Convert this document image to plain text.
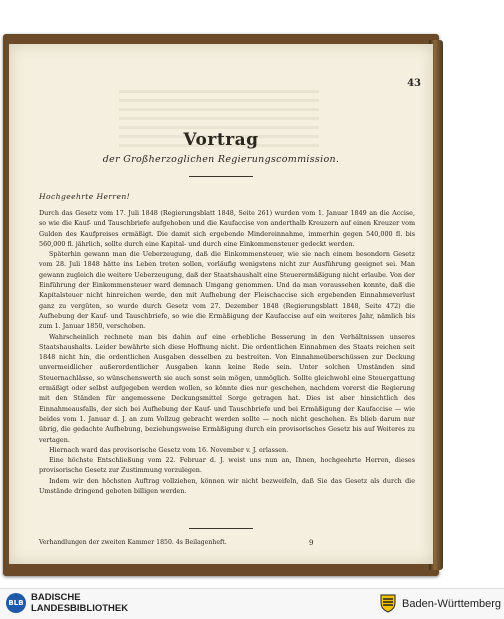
43
Vortrag
der Großherzoglichen Regierungscommission.
Hochgeehrte Herren!

Durch das Gesetz vom 17. Juli 1848 (Regierungsblatt 1848, Seite 261) wurden vom 1. Januar 1849 an die Accise, so wie die Kauf- und Tauschbriefe aufgehoben und die Kaufaccise von anderthalb Kreuzern auf einen Kreuzer vom Gulden des Kaufpreises ermäßigt. Die damit sich ergebende Mindereinnahme, immerhin gegen 540,000 fl. bis 560,000 fl. jährlich, sollte durch eine Kapital- und durch eine Einkommensteuer gedeckt werden.

Späterhin gewann man die Ueberzeugung, daß die Einkommensteuer, wie sie nach einem besondern Gesetz vom 28. Juli 1848 hätte ins Leben treten sollen, vorläufig wenigstens nicht zur Ausführung geeignet sei. Man gewann zugleich die weitere Ueberzeugung, daß der Staatshaushalt eine Steuerermäßigung nicht erlaube. Von der Einführung der Einkommensteuer ward demnach Umgang genommen. Und da man voraussehen konnte, daß die Kapitalsteuer nicht hinreichen werde, den mit Aufhebung der Fleischaccise sich ergebenden Einnahmeverlust ganz zu vergüten, so wurde durch Gesetz vom 27. Dezember 1848 (Regierungsblatt 1848, Seite 472) die Aufhebung der Kauf- und Tauschbriefe, so wie die Ermäßigung der Kaufaccise auf ein weiteres Jahr, nämlich bis zum 1. Januar 1850, verschoben.

Wahrscheinlich rechnete man bis dahin auf eine erhebliche Besserung in den Verhältnissen unseres Staatshaushalts. Leider bewährte sich diese Hoffnung nicht. Die ordentlichen Einnahmen des Staats reichen seit 1848 nicht hin, die ordentlichen Ausgaben desselben zu bestreiten. Von Einnahmeüberschüssen zur Deckung unvermeidlicher außerordentlicher Ausgaben kann keine Rede sein. Unter solchen Umständen sind Steuernachlässe, so wünschenswerth sie auch sonst sein mögen, unmöglich. Sollte gleichwohl eine Steuergattung ermäßigt oder selbst aufgegeben werden wollen, so könnte dies nur geschehen, nachdem vorerst die Regierung mit den Ständen für angemessene Deckungsmittel Sorge getragen hat. Dies ist aber hinsichtlich des Einnahmeausfalls, der sich bei Aufhebung der Kauf- und Tauschbriefe und bei Ermäßigung der Kaufaccise — wie beides vom 1. Januar d. J. an zum Vollzug gebracht werden sollte — noch nicht geschehen. Es blieb darum nur übrig, die gedachte Aufhebung, beziehungsweise Ermäßigung durch ein provisorisches Gesetz bis auf Weiteres zu vertagen.

Hiernach ward das provisorische Gesetz vom 16. November v. J. erlassen.

Eine höchste Entschließung vom 22. Februar d. J. weist uns nun an, Ihnen, hochgeehrte Herren, dieses provisorische Gesetz zur Zustimmung vorzulegen.

Indem wir den höchsten Auftrag vollziehen, können wir nicht bezweifeln, daß Sie das Gesetz als durch die Umstände dringend geboten billigen werden.

Verhandlungen der zweiten Kammer 1850. 4s Beilagenheft.	9
BLB BADISCHE
LANDESBIBLIOTHEK	Baden-Württemberg
